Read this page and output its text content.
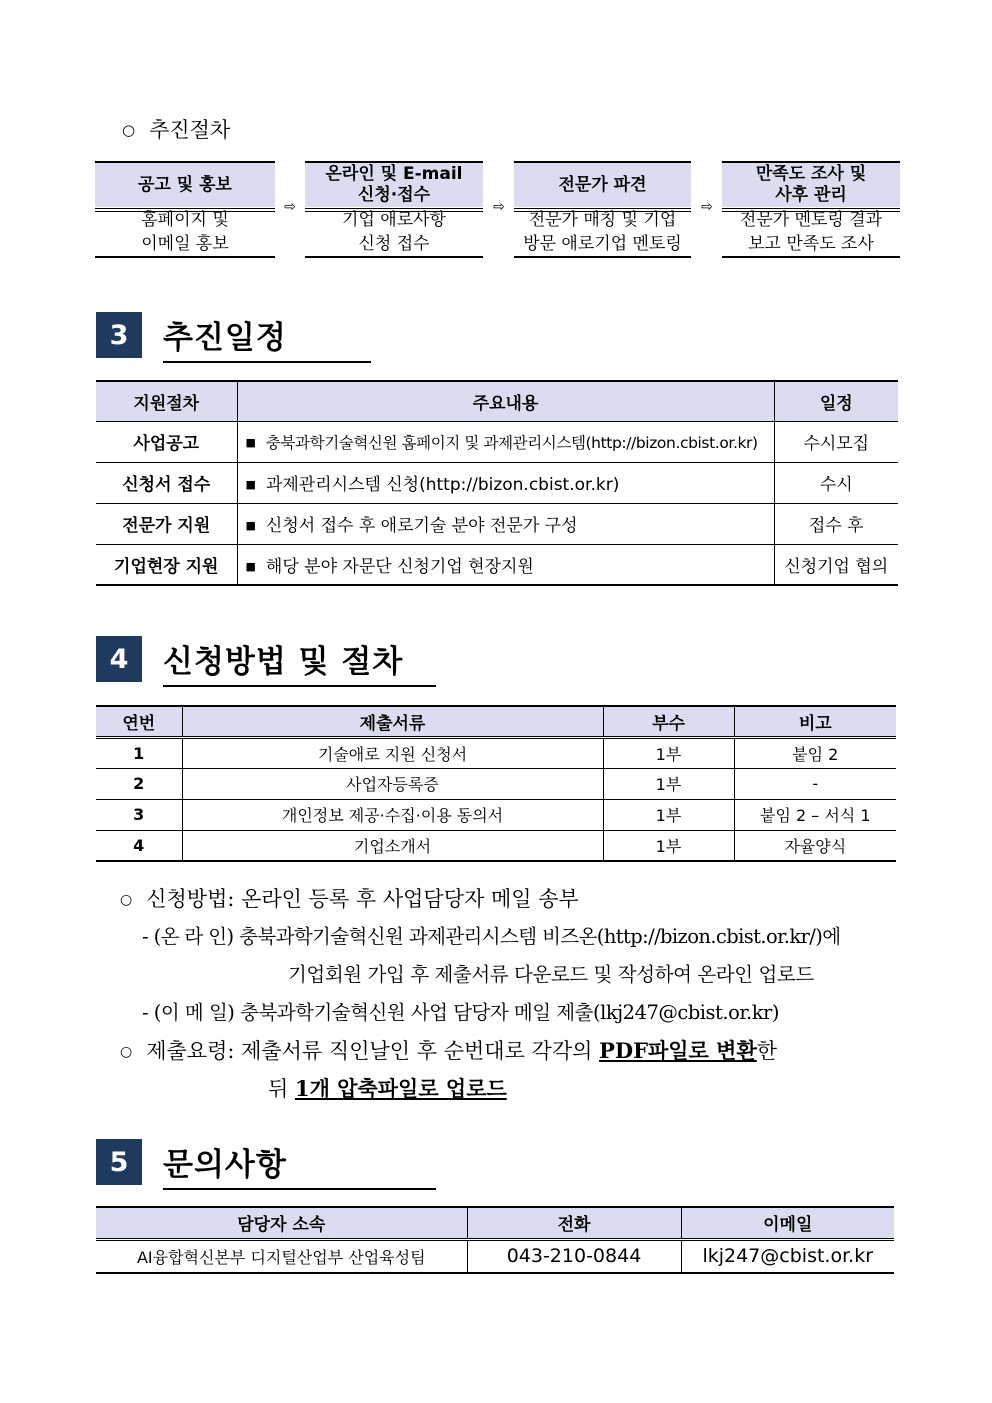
○ 추진절차
공고 및 홍보
홈페이지 및
이메일 홍보
⇨
온라인 및 E-mail
신청·접수
기업 애로사항
신청 접수
⇨
전문가 파견
전문가 매칭 및 기업
방문 애로기업 멘토링
⇨
만족도 조사 및
사후 관리
전문가 멘토링 결과
보고 만족도 조사
3	추진일정
지원절차	주요내용	일정
사업공고	■ 충북과학기술혁신원 홈페이지 및 과제관리시스템(http://bizon.cbist.or.kr)	수시모집
신청서 접수	■ 과제관리시스템 신청(http://bizon.cbist.or.kr)	수시
전문가 지원	■ 신청서 접수 후 애로기술 분야 전문가 구성	접수 후
기업현장 지원	■ 해당 분야 자문단 신청기업 현장지원	신청기업 협의
4	신청방법 및 절차
연번	제출서류	부수	비고
1	기술애로 지원 신청서	1부	붙임 2
2	사업자등록증	1부	-
3	개인정보 제공·수집·이용 동의서	1부	붙임 2 – 서식 1
4	기업소개서	1부	자율양식
○ 신청방법: 온라인 등록 후 사업담당자 메일 송부
- (온 라 인) 충북과학기술혁신원 과제관리시스템 비즈온(http://bizon.cbist.or.kr/)에
기업회원 가입 후 제출서류 다운로드 및 작성하여 온라인 업로드
- (이 메 일) 충북과학기술혁신원 사업 담당자 메일 제출(lkj247@cbist.or.kr)
○ 제출요령: 제출서류 직인날인 후 순번대로 각각의 PDF파일로 변환한
뒤 1개 압축파일로 업로드
5	문의사항
담당자 소속	전화	이메일
AI융합혁신본부 디지털산업부 산업육성팀	043-210-0844	lkj247@cbist.or.kr
